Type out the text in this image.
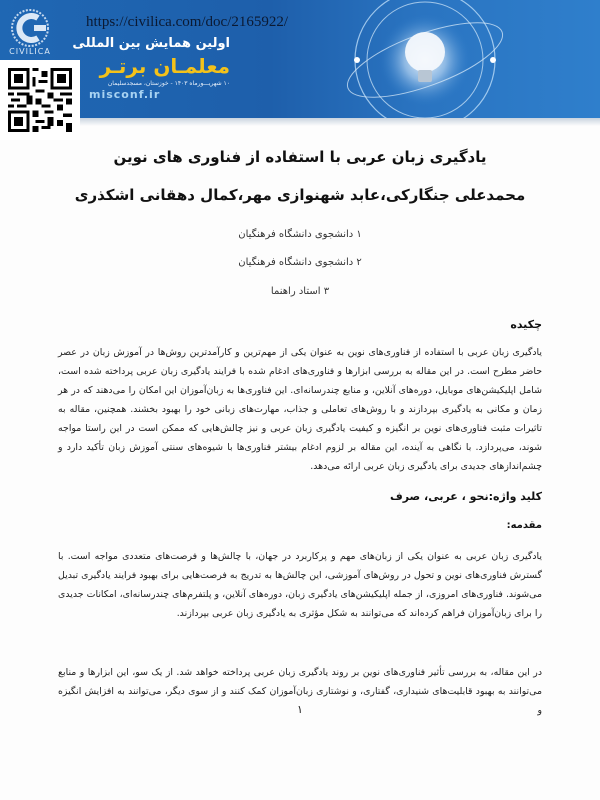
CIVILICA
https://civilica.com/doc/2165922/
اولین همایش بین المللی
معلمـان برتـر
۱۰ شهریـــورماه ۱۴۰۳ - خوزستان، مسجدسلیمان
misconf.ir
یادگیری زبان عربی با استفاده از فناوری های نوین
محمدعلی جنگارکی،عابد شهنوازی مهر،کمال دهقانی اشکذری
۱ دانشجوی دانشگاه فرهنگیان
۲ دانشجوی دانشگاه فرهنگیان
۳ استاد راهنما
چکیده
یادگیری زبان عربی با استفاده از فناوری‌های نوین به عنوان یکی از مهم‌ترین و کارآمدترین روش‌ها در آموزش زبان در عصر حاضر مطرح است. در این مقاله به بررسی ابزارها و فناوری‌های ادغام شده با فرایند یادگیری زبان عربی پرداخته شده است، شامل اپلیکیشن‌های موبایل، دوره‌های آنلاین، و منابع چندرسانه‌ای. این فناوری‌ها به زبان‌آموزان این امکان را می‌دهند که در هر زمان و مکانی به یادگیری بپردازند و با روش‌های تعاملی و جذاب، مهارت‌های زبانی خود را بهبود بخشند. همچنین، مقاله به تاثیرات مثبت فناوری‌های نوین بر انگیزه و کیفیت یادگیری زبان عربی و نیز چالش‌هایی که ممکن است در این راستا مواجه شوند، می‌پردازد. با نگاهی به آینده، این مقاله بر لزوم ادغام بیشتر فناوری‌ها با شیوه‌های سنتی آموزش زبان تأکید دارد و چشم‌اندازهای جدیدی برای یادگیری زبان عربی ارائه می‌دهد.
کلید واژه:نحو ، عربی، صرف
مقدمه:
یادگیری زبان عربی به عنوان یکی از زبان‌های مهم و پرکاربرد در جهان، با چالش‌ها و فرصت‌های متعددی مواجه است. با گسترش فناوری‌های نوین و تحول در روش‌های آموزشی، این چالش‌ها به تدریج به فرصت‌هایی برای بهبود فرایند یادگیری تبدیل می‌شوند. فناوری‌های امروزی، از جمله اپلیکیشن‌های یادگیری زبان، دوره‌های آنلاین، و پلتفرم‌های چندرسانه‌ای، امکانات جدیدی را برای زبان‌آموزان فراهم کرده‌اند که می‌توانند به شکل مؤثری به یادگیری زبان عربی بپردازند.
در این مقاله، به بررسی تأثیر فناوری‌های نوین بر روند یادگیری زبان عربی پرداخته خواهد شد. از یک سو، این ابزارها و منابع می‌توانند به بهبود قابلیت‌های شنیداری، گفتاری، و نوشتاری زبان‌آموزان کمک کنند و از سوی دیگر، می‌توانند به افزایش انگیزه و
۱
